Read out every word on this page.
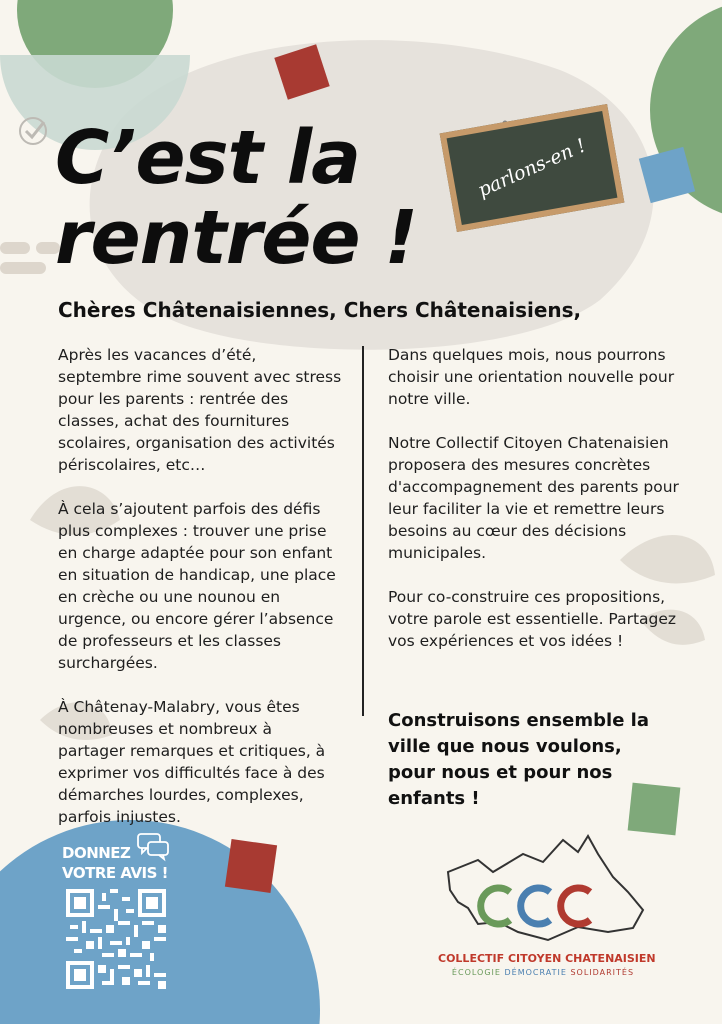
C’est la
rentrée !
parlons-en !
Chères Châtenaisiennes, Chers Châtenaisiens,

Après les vacances d’été, septembre rime souvent avec stress pour les parents : rentrée des classes, achat des fournitures scolaires, organisation des activités périscolaires, etc…

À cela s’ajoutent parfois des défis plus complexes : trouver une prise en charge adaptée pour son enfant en situation de handicap, une place en crèche ou une nounou en urgence, ou encore gérer l’absence de professeurs et les classes surchargées.

À Châtenay-Malabry, vous êtes nombreuses et nombreux à partager remarques et critiques, à exprimer vos difficultés face à des démarches lourdes, complexes, parfois injustes.

Dans quelques mois, nous pourrons choisir une orientation nouvelle pour notre ville.

Notre Collectif Citoyen Chatenaisien proposera des mesures concrètes d'accompagnement des parents pour leur faciliter la vie et remettre leurs besoins au cœur des décisions municipales.

Pour co-construire ces propositions, votre parole est essentielle. Partagez vos expériences et vos idées !

Construisons ensemble la ville que nous voulons, pour nous et pour nos enfants !

DONNEZ
VOTRE AVIS !

COLLECTIF CITOYEN CHATENAISIEN

ÉCOLOGIE DÉMOCRATIE SOLIDARITÉS
